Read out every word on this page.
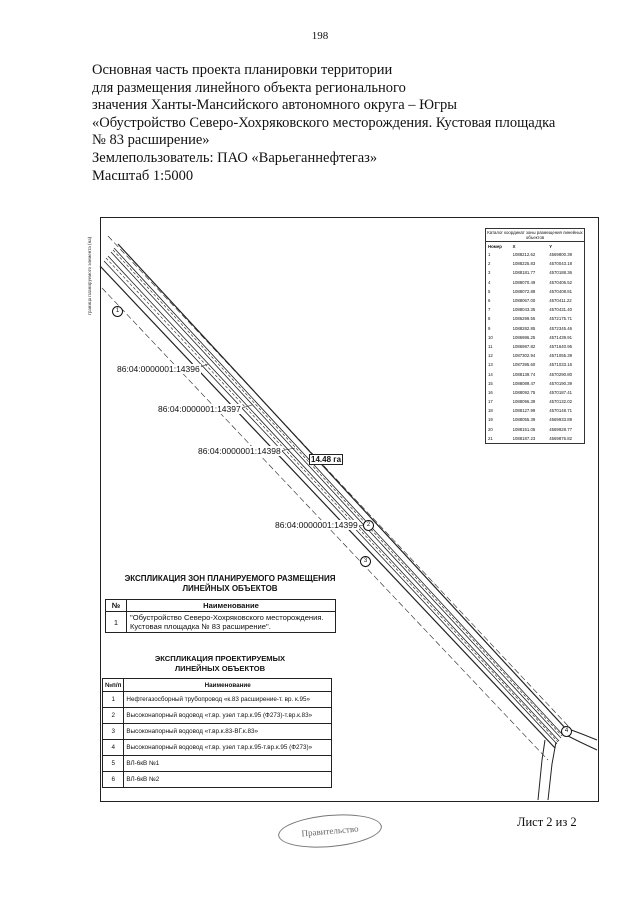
198
Основная часть проекта планировки территории
для размещения линейного объекта регионального
значения Ханты-Мансийского автономного округа – Югры
«Обустройство Северо-Хохряковского месторождения. Кустовая площадка
№ 83 расширение»
Землепользователь: ПАО «Варьеганнефтегаз»
Масштаб 1:5000
граница планируемого элемента (на)
86:04:0000001:14396
86:04:0000001:14397
86:04:0000001:14398
86:04:0000001:14399
14.48 га
1
2
3
4
Каталог координат зоны размещения линейных объектов
Номер	X	Y
1	1088212.62	4569800.39
2	1088225.83	4570043.18
3	1088181.77	4570188.36
4	1088070.49	4570406.52
5	1088072.88	4570408.81
6	1088067.00	4570411.22
7	1088043.35	4570431.40
8	1086299.55	4572175.71
9	1088282.85	4572345.46
10	1086986.25	4571439.91
11	1086987.82	4571640.95
12	1087302.94	4571055.39
13	1087395.60	4571033.16
14	1088139.74	4570290.80
15	1088089.47	4570190.39
16	1088092.75	4570187.41
17	1088096.39	4570132.02
18	1088127.99	4570148.71
19	1088055.39	4569933.89
20	1088151.05	4569928.77
21	1088187.23	4569876.82
ЭКСПЛИКАЦИЯ ЗОН ПЛАНИРУЕМОГО РАЗМЕЩЕНИЯ
ЛИНЕЙНЫХ ОБЪЕКТОВ
№	Наименование
1	"Обустройство Северо-Хохряковского месторождения. Кустовая площадка № 83 расширение".
ЭКСПЛИКАЦИЯ ПРОЕКТИРУЕМЫХ
ЛИНЕЙНЫХ ОБЪЕКТОВ
№п/п	Наименование
1	Нефтегазосборный трубопровод «к.83 расширение-т. вр. к.95»
2	Высоконапорный водовод «т.вр. узел т.вр.к.95 (Ф273)-т.вр.к.83»
3	Высоконапорный водовод «т.вр.к.83-ВГ.к.83»
4	Высоконапорный водовод «т.вр. узел т.вр.к.95-т.вр.к.95 (Ф273)»
5	ВЛ-6кВ №1
6	ВЛ-6кВ №2
Правительство
Лист 2 из 2
